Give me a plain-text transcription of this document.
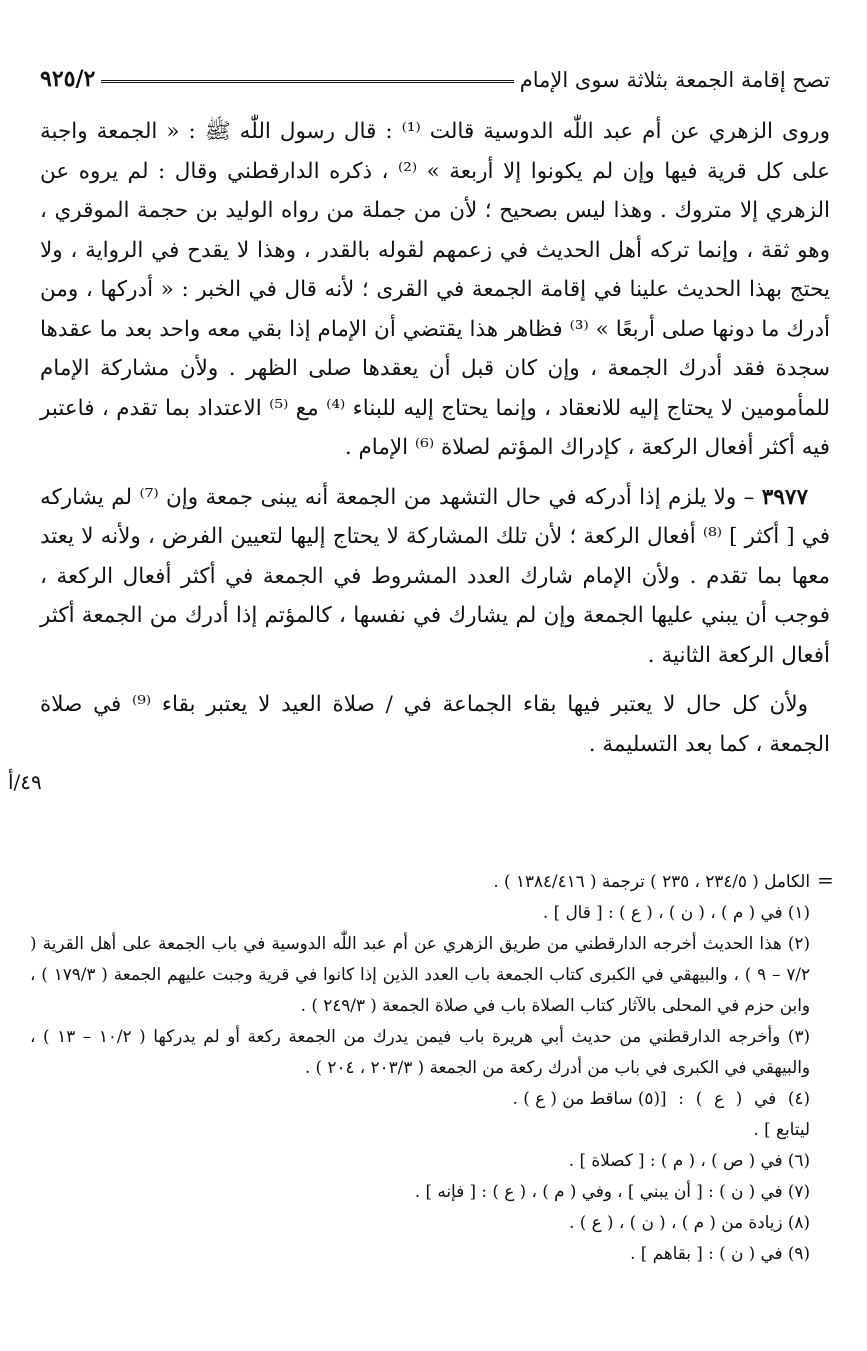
تصح إقامة الجمعة بثلاثة سوى الإمام
٩٢٥/٢

وروى الزهري عن أم عبد اللّٰه الدوسية قالت ⁽¹⁾ : قال رسول اللّٰه ﷺ : « الجمعة واجبة على كل قرية فيها وإن لم يكونوا إلا أربعة » ⁽²⁾ ، ذكره الدارقطني وقال : لم يروه عن الزهري إلا متروك . وهذا ليس بصحيح ؛ لأن من جملة من رواه الوليد بن حجمة الموقري ، وهو ثقة ، وإنما تركه أهل الحديث في زعمهم لقوله بالقدر ، وهذا لا يقدح في الرواية ، ولا يحتج بهذا الحديث علينا في إقامة الجمعة في القرى ؛ لأنه قال في الخبر : « أدركها ، ومن أدرك ما دونها صلى أربعًا » ⁽³⁾ فظاهر هذا يقتضي أن الإمام إذا بقي معه واحد بعد ما عقدها سجدة فقد أدرك الجمعة ، وإن كان قبل أن يعقدها صلى الظهر . ولأن مشاركة الإمام للمأمومين لا يحتاج إليه للانعقاد ، وإنما يحتاج إليه للبناء ⁽⁴⁾ مع ⁽⁵⁾ الاعتداد بما تقدم ، فاعتبر فيه أكثر أفعال الركعة ، كإدراك المؤتم لصلاة ⁽⁶⁾ الإمام .

٣٩٧٧ – ولا يلزم إذا أدركه في حال التشهد من الجمعة أنه يبنى جمعة وإن ⁽⁷⁾ لم يشاركه في [ أكثر ] ⁽⁸⁾ أفعال الركعة ؛ لأن تلك المشاركة لا يحتاج إليها لتعيين الفرض ، ولأنه لا يعتد معها بما تقدم . ولأن الإمام شارك العدد المشروط في الجمعة في أكثر أفعال الركعة ، فوجب أن يبني عليها الجمعة وإن لم يشارك في نفسها ، كالمؤتم إذا أدرك من الجمعة أكثر أفعال الركعة الثانية .

ولأن كل حال لا يعتبر فيها بقاء الجماعة في / صلاة العيد لا يعتبر بقاء ⁽⁹⁾ في صلاة الجمعة ، كما بعد التسليمة .

٤٩/أ
=

الكامل ( ٢٣٤/٥ ، ٢٣٥ ) ترجمة ( ١٣٨٤/٤١٦ ) .

(١) في ( م ) ، ( ن ) ، ( ع ) : [ قال ] .

(٢) هذا الحديث أخرجه الدارقطني من طريق الزهري عن أم عبد اللّٰه الدوسية في باب الجمعة على أهل القرية ( ٧/٢ – ٩ ) ، والبيهقي في الكبرى كتاب الجمعة باب العدد الذين إذا كانوا في قرية وجبت عليهم الجمعة ( ١٧٩/٣ ) ، وابن حزم في المحلى بالآثار كتاب الصلاة باب في صلاة الجمعة ( ٢٤٩/٣ ) .

(٣) وأخرجه الدارقطني من حديث أبي هريرة باب فيمن يدرك من الجمعة ركعة أو لم يدركها ( ١٠/٢ – ١٣ ) ، والبيهقي في الكبرى في باب من أدرك ركعة من الجمعة ( ٢٠٣/٣ ، ٢٠٤ ) .

(٤) في ( ع ) : [ ليتابع ] .
(٥) ساقط من ( ع ) .

(٦) في ( ص ) ، ( م ) : [ كصلاة ] .

(٧) في ( ن ) : [ أن يبني ] ، وفي ( م ) ، ( ع ) : [ فإنه ] .

(٨) زيادة من ( م ) ، ( ن ) ، ( ع ) .

(٩) في ( ن ) : [ بقاهم ] .
